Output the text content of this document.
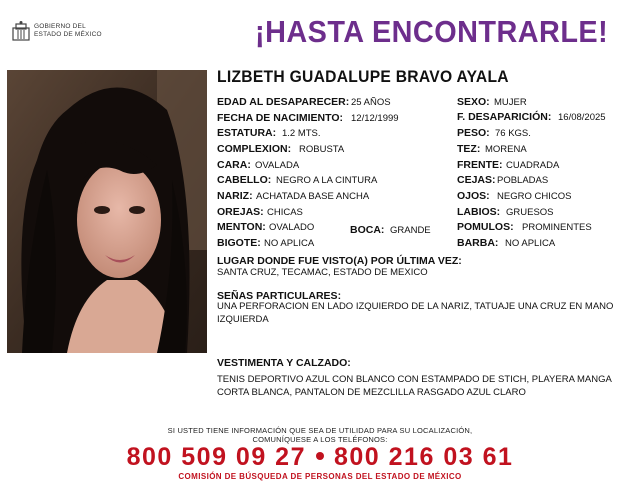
GOBIERNO DEL
ESTADO DE MÉXICO	¡HASTA ENCONTRARLE!
LIZBETH GUADALUPE BRAVO AYALA
EDAD AL DESAPARECER: 25 AÑOS
FECHA DE NACIMIENTO: 12/12/1999
ESTATURA: 1.2 MTS.
COMPLEXION: ROBUSTA
CARA: OVALADA
CABELLO: NEGRO A LA CINTURA
NARIZ: ACHATADA BASE ANCHA
OREJAS: CHICAS
MENTON: OVALADO	BOCA: GRANDE
BIGOTE: NO APLICA
SEXO: MUJER
F. DESAPARICIÓN: 16/08/2025
PESO: 76 KGS.
TEZ: MORENA
FRENTE: CUADRADA
CEJAS: POBLADAS
OJOS: NEGRO CHICOS
LABIOS: GRUESOS
POMULOS: PROMINENTES
BARBA: NO APLICA
LUGAR DONDE FUE VISTO(A) POR ÚLTIMA VEZ:
SANTA CRUZ, TECAMAC, ESTADO DE MEXICO
SEÑAS PARTICULARES:
UNA PERFORACION EN LADO IZQUIERDO DE LA NARIZ, TATUAJE UNA CRUZ EN MANO IZQUIERDA
VESTIMENTA Y CALZADO:
TENIS DEPORTIVO AZUL CON BLANCO CON ESTAMPADO DE STICH, PLAYERA MANGA CORTA BLANCA, PANTALON DE MEZCLILLA RASGADO AZUL CLARO
SI USTED TIENE INFORMACIÓN QUE SEA DE UTILIDAD PARA SU LOCALIZACIÓN,
COMUNÍQUESE A LOS TELÉFONOS:
800 509 09 27 800 216 03 61
COMISIÓN DE BÚSQUEDA DE PERSONAS DEL ESTADO DE MÉXICO
